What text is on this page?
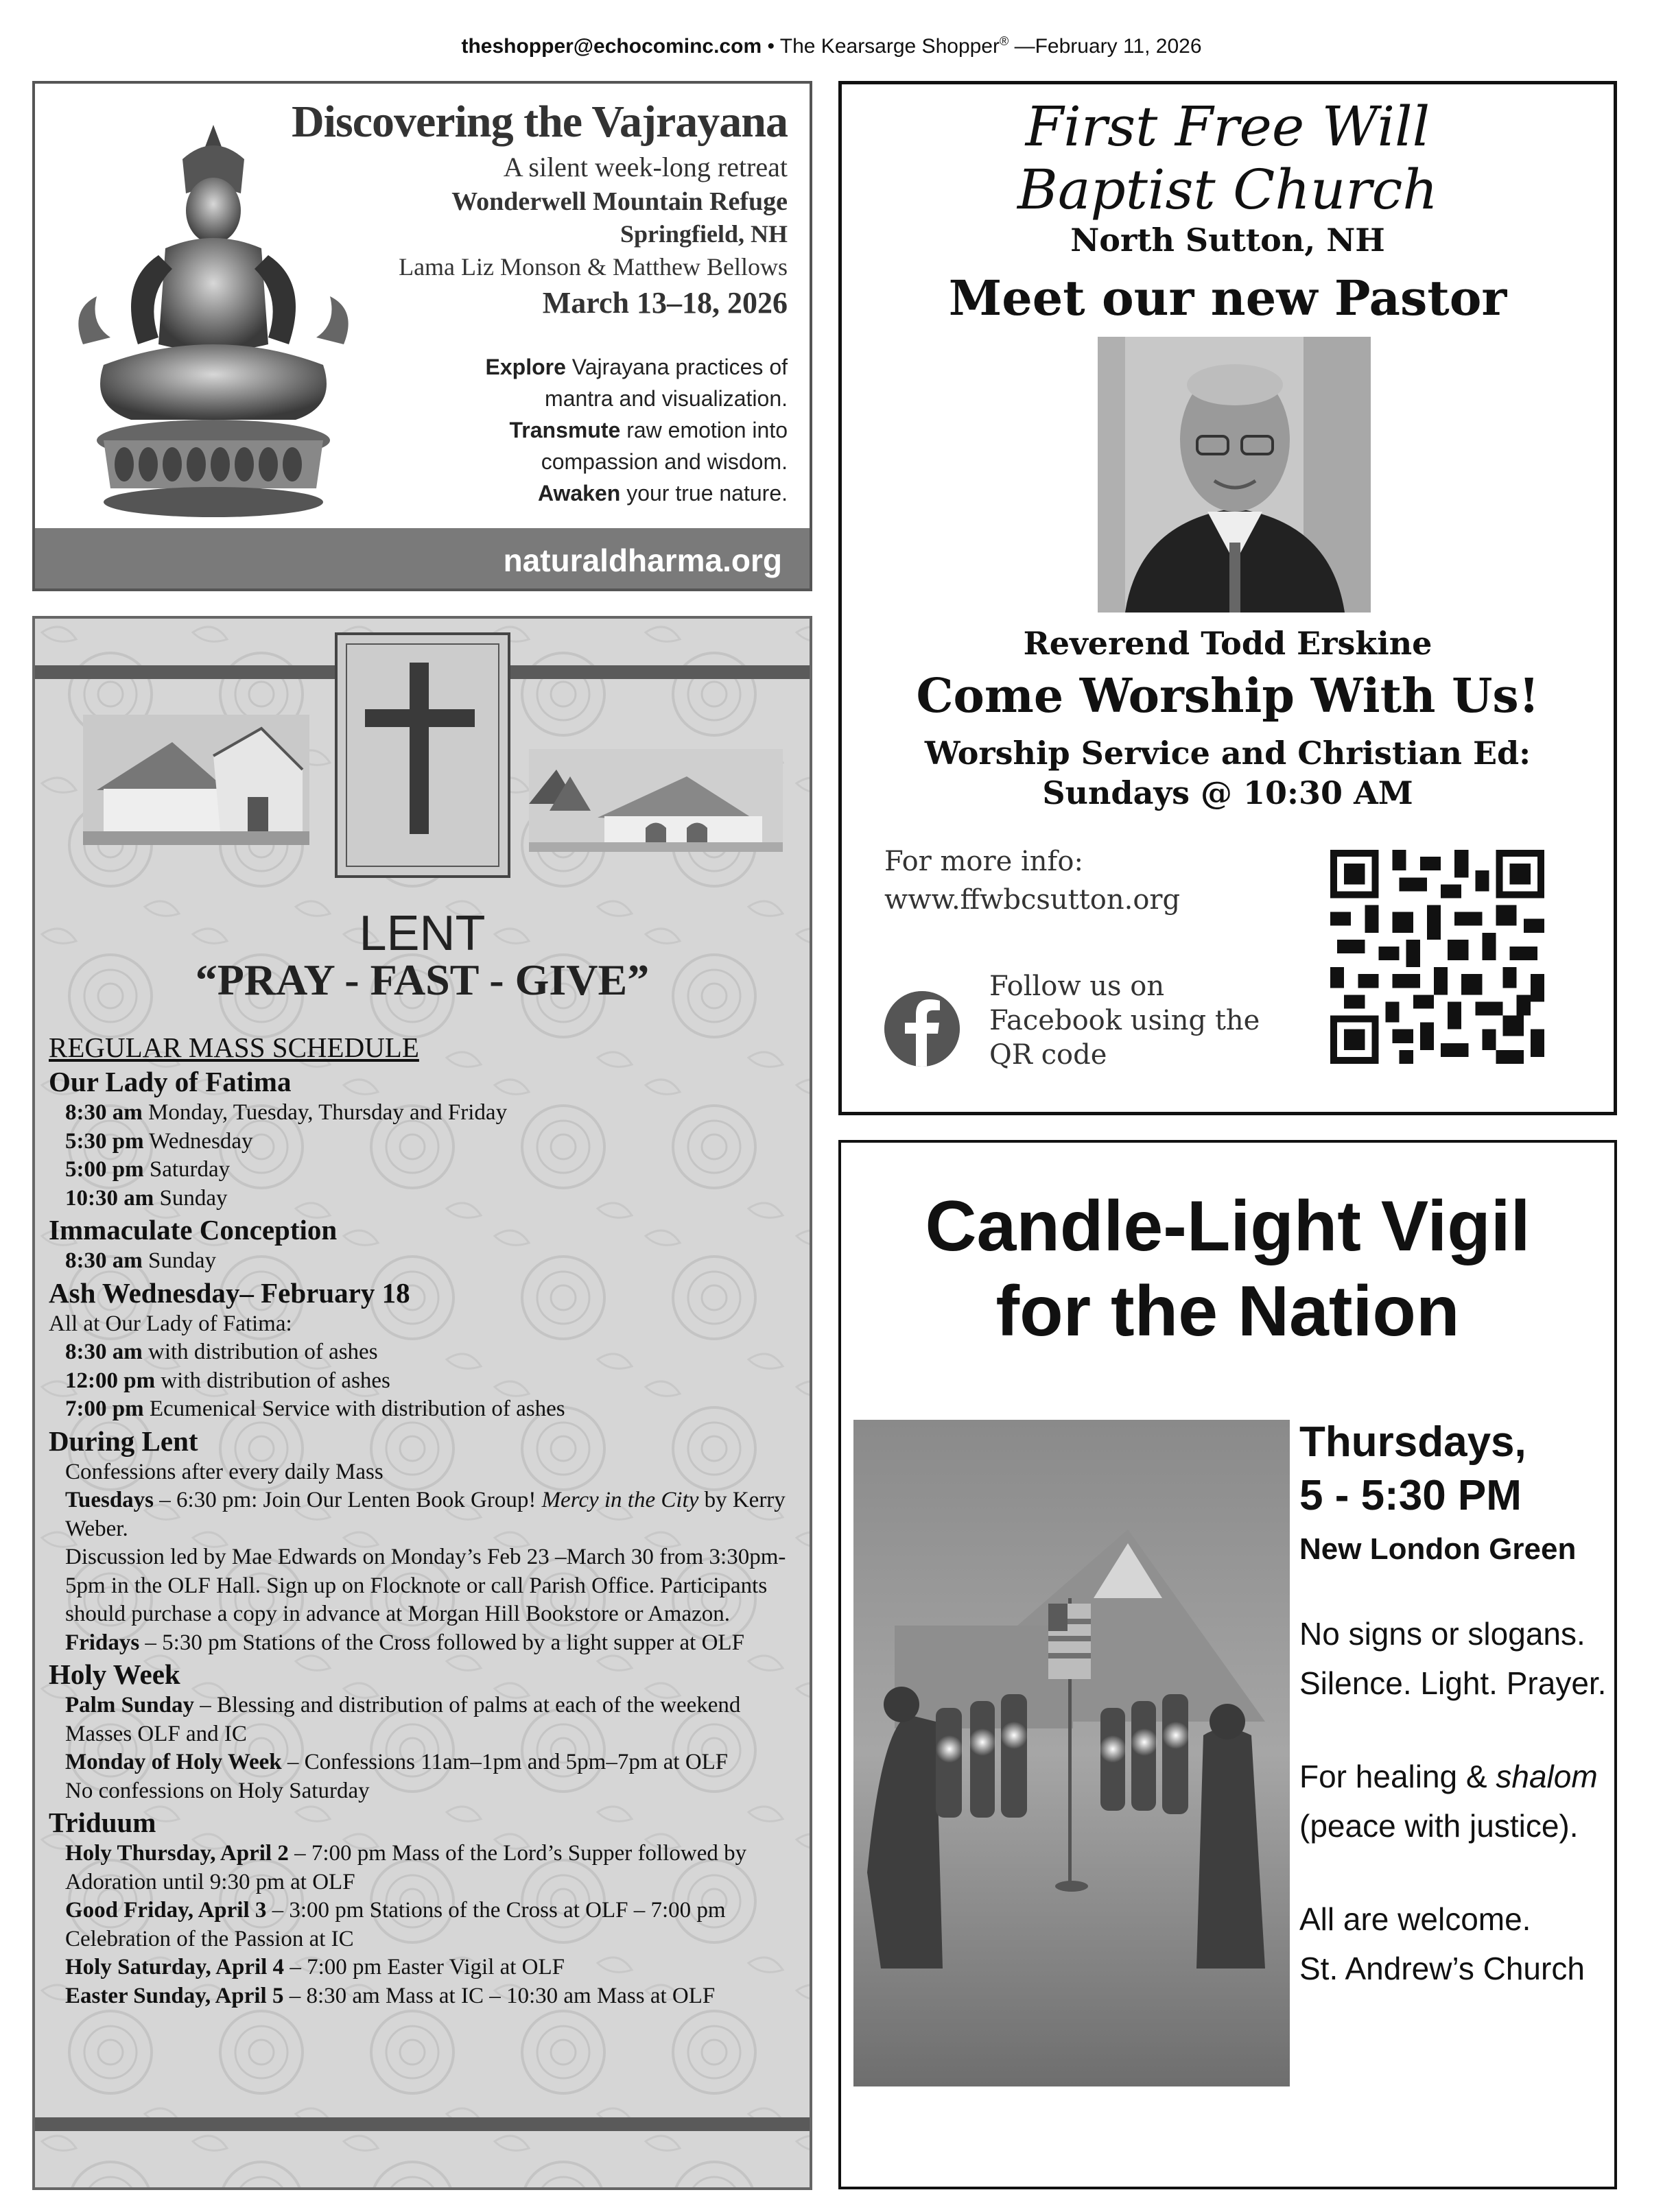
theshopper@echocominc.com • The Kearsarge Shopper® —February 11, 2026
Discovering the Vajrayana
A silent week-long retreat
Wonderwell Mountain Refuge
Springfield, NH
Lama Liz Monson & Matthew Bellows
March 13–18, 2026
Explore Vajrayana practices of
mantra and visualization.
Transmute raw emotion into
compassion and wisdom.
Awaken your true nature.
naturaldharma.org
LENT
“PRAY - FAST - GIVE”
REGULAR MASS SCHEDULE
Our Lady of Fatima
8:30 am Monday, Tuesday, Thursday and Friday
5:30 pm Wednesday
5:00 pm Saturday
10:30 am Sunday
Immaculate Conception
8:30 am Sunday
Ash Wednesday– February 18
All at Our Lady of Fatima:
8:30 am with distribution of ashes
12:00 pm with distribution of ashes
7:00 pm Ecumenical Service with distribution of ashes
During Lent
Confessions after every daily Mass
Tuesdays – 6:30 pm: Join Our Lenten Book Group! Mercy in the City by Kerry Weber.
Discussion led by Mae Edwards on Monday’s Feb 23 –March 30 from 3:30pm-5pm in the OLF Hall. Sign up on Flocknote or call Parish Office. Participants should purchase a copy in advance at Morgan Hill Bookstore or Amazon.
Fridays – 5:30 pm Stations of the Cross followed by a light supper at OLF
Holy Week
Palm Sunday – Blessing and distribution of palms at each of the weekend Masses OLF and IC
Monday of Holy Week – Confessions 11am–1pm and 5pm–7pm at OLF
No confessions on Holy Saturday
Triduum
Holy Thursday, April 2 – 7:00 pm Mass of the Lord’s Supper followed by Adoration until 9:30 pm at OLF
Good Friday, April 3 – 3:00 pm Stations of the Cross at OLF – 7:00 pm Celebration of the Passion at IC
Holy Saturday, April 4 – 7:00 pm Easter Vigil at OLF
Easter Sunday, April 5 – 8:30 am Mass at IC – 10:30 am Mass at OLF
First Free Will
Baptist Church
North Sutton, NH
Meet our new Pastor
Reverend Todd Erskine
Come Worship With Us!
Worship Service and Christian Ed:
Sundays @ 10:30 AM
For more info:
www.ffwbcsutton.org
Follow us on
Facebook using the
QR code
Candle-Light Vigil
for the Nation
Thursdays,
5 - 5:30 PM
New London Green
No signs or slogans.
Silence. Light. Prayer.
For healing & shalom
(peace with justice).
All are welcome.
St. Andrew’s Church
